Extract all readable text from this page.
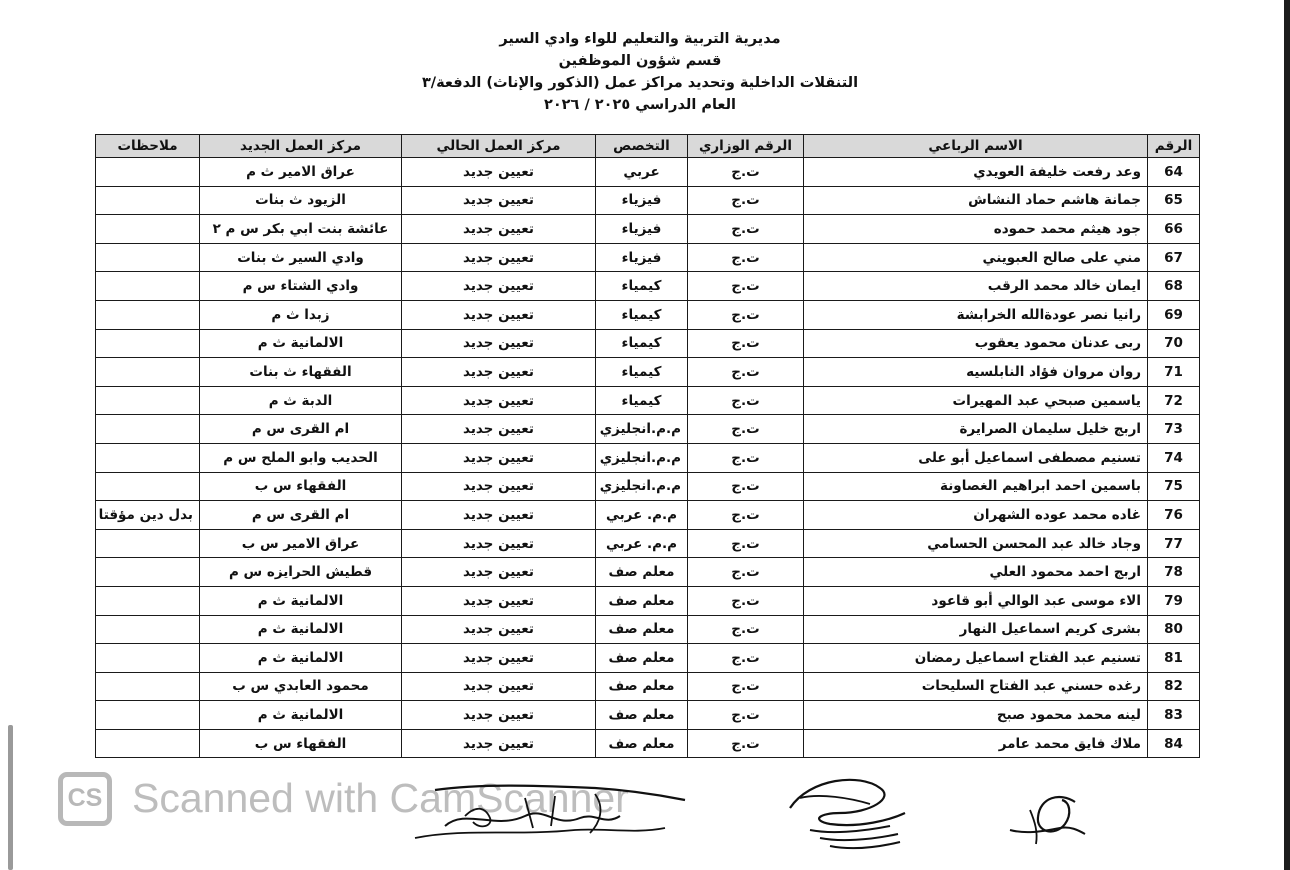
مديرية التربية والتعليم للواء وادي السير
قسم شؤون الموظفين
التنقلات الداخلية وتحديد مراكز عمل (الذكور والإناث) الدفعة/٣
العام الدراسي ٢٠٢٥ / ٢٠٢٦
الرقم	الاسم الرباعي	الرقم الوزاري	التخصص	مركز العمل الحالي	مركز العمل الجديد	ملاحظات
64	وعد رفعت خليفة العويدي	ت.ج	عربي	تعيين جديد	عراق الامير ث م	
65	جمانة هاشم حماد النشاش	ت.ج	فيزياء	تعيين جديد	الزيود ث بنات	
66	جود هيثم محمد حموده	ت.ج	فيزياء	تعيين جديد	عائشة بنت ابي بكر س م ٢	
67	مني على صالح العبويني	ت.ج	فيزياء	تعيين جديد	وادي السير ث بنات	
68	ايمان خالد محمد الرقب	ت.ج	كيمياء	تعيين جديد	وادي الشتاء س م	
69	رانيا نصر عودةالله الخرابشة	ت.ج	كيمياء	تعيين جديد	زبدا ث م	
70	ربى عدنان محمود يعقوب	ت.ج	كيمياء	تعيين جديد	الالمانية ث م	
71	روان مروان فؤاد النابلسيه	ت.ج	كيمياء	تعيين جديد	الفقهاء ث بنات	
72	ياسمين صبحي عبد المهيرات	ت.ج	كيمياء	تعيين جديد	الدبة ث م	
73	اربج خليل سليمان الصرايرة	ت.ج	م.م.انجليزي	تعيين جديد	ام القرى س م	
74	تسنيم مصطفى اسماعيل أبو على	ت.ج	م.م.انجليزي	تعيين جديد	الحديب وابو الملح س م	
75	باسمين احمد ابراهيم الغصاونة	ت.ج	م.م.انجليزي	تعيين جديد	الفقهاء س ب	
76	غاده محمد عوده الشهران	ت.ج	م.م. عربي	تعيين جديد	ام القرى س م	بدل دين مؤقتا
77	وجاد خالد عبد المحسن الحسامي	ت.ج	م.م. عربي	تعيين جديد	عراق الامير س ب	
78	اربج احمد محمود العلي	ت.ج	معلم صف	تعيين جديد	قطيش الحرايزه س م	
79	الاء موسى عبد الوالي أبو قاعود	ت.ج	معلم صف	تعيين جديد	الالمانية ث م	
80	بشرى كريم اسماعيل النهار	ت.ج	معلم صف	تعيين جديد	الالمانية ث م	
81	تسنيم عبد الفتاح اسماعيل رمضان	ت.ج	معلم صف	تعيين جديد	الالمانية ث م	
82	رغده حسني عبد الفتاح السليحات	ت.ج	معلم صف	تعيين جديد	محمود العابدي س ب	
83	لينه محمد محمود صبح	ت.ج	معلم صف	تعيين جديد	الالمانية ث م	
84	ملاك فايق محمد عامر	ت.ج	معلم صف	تعيين جديد	الفقهاء س ب	
CS Scanned with CamScanner
